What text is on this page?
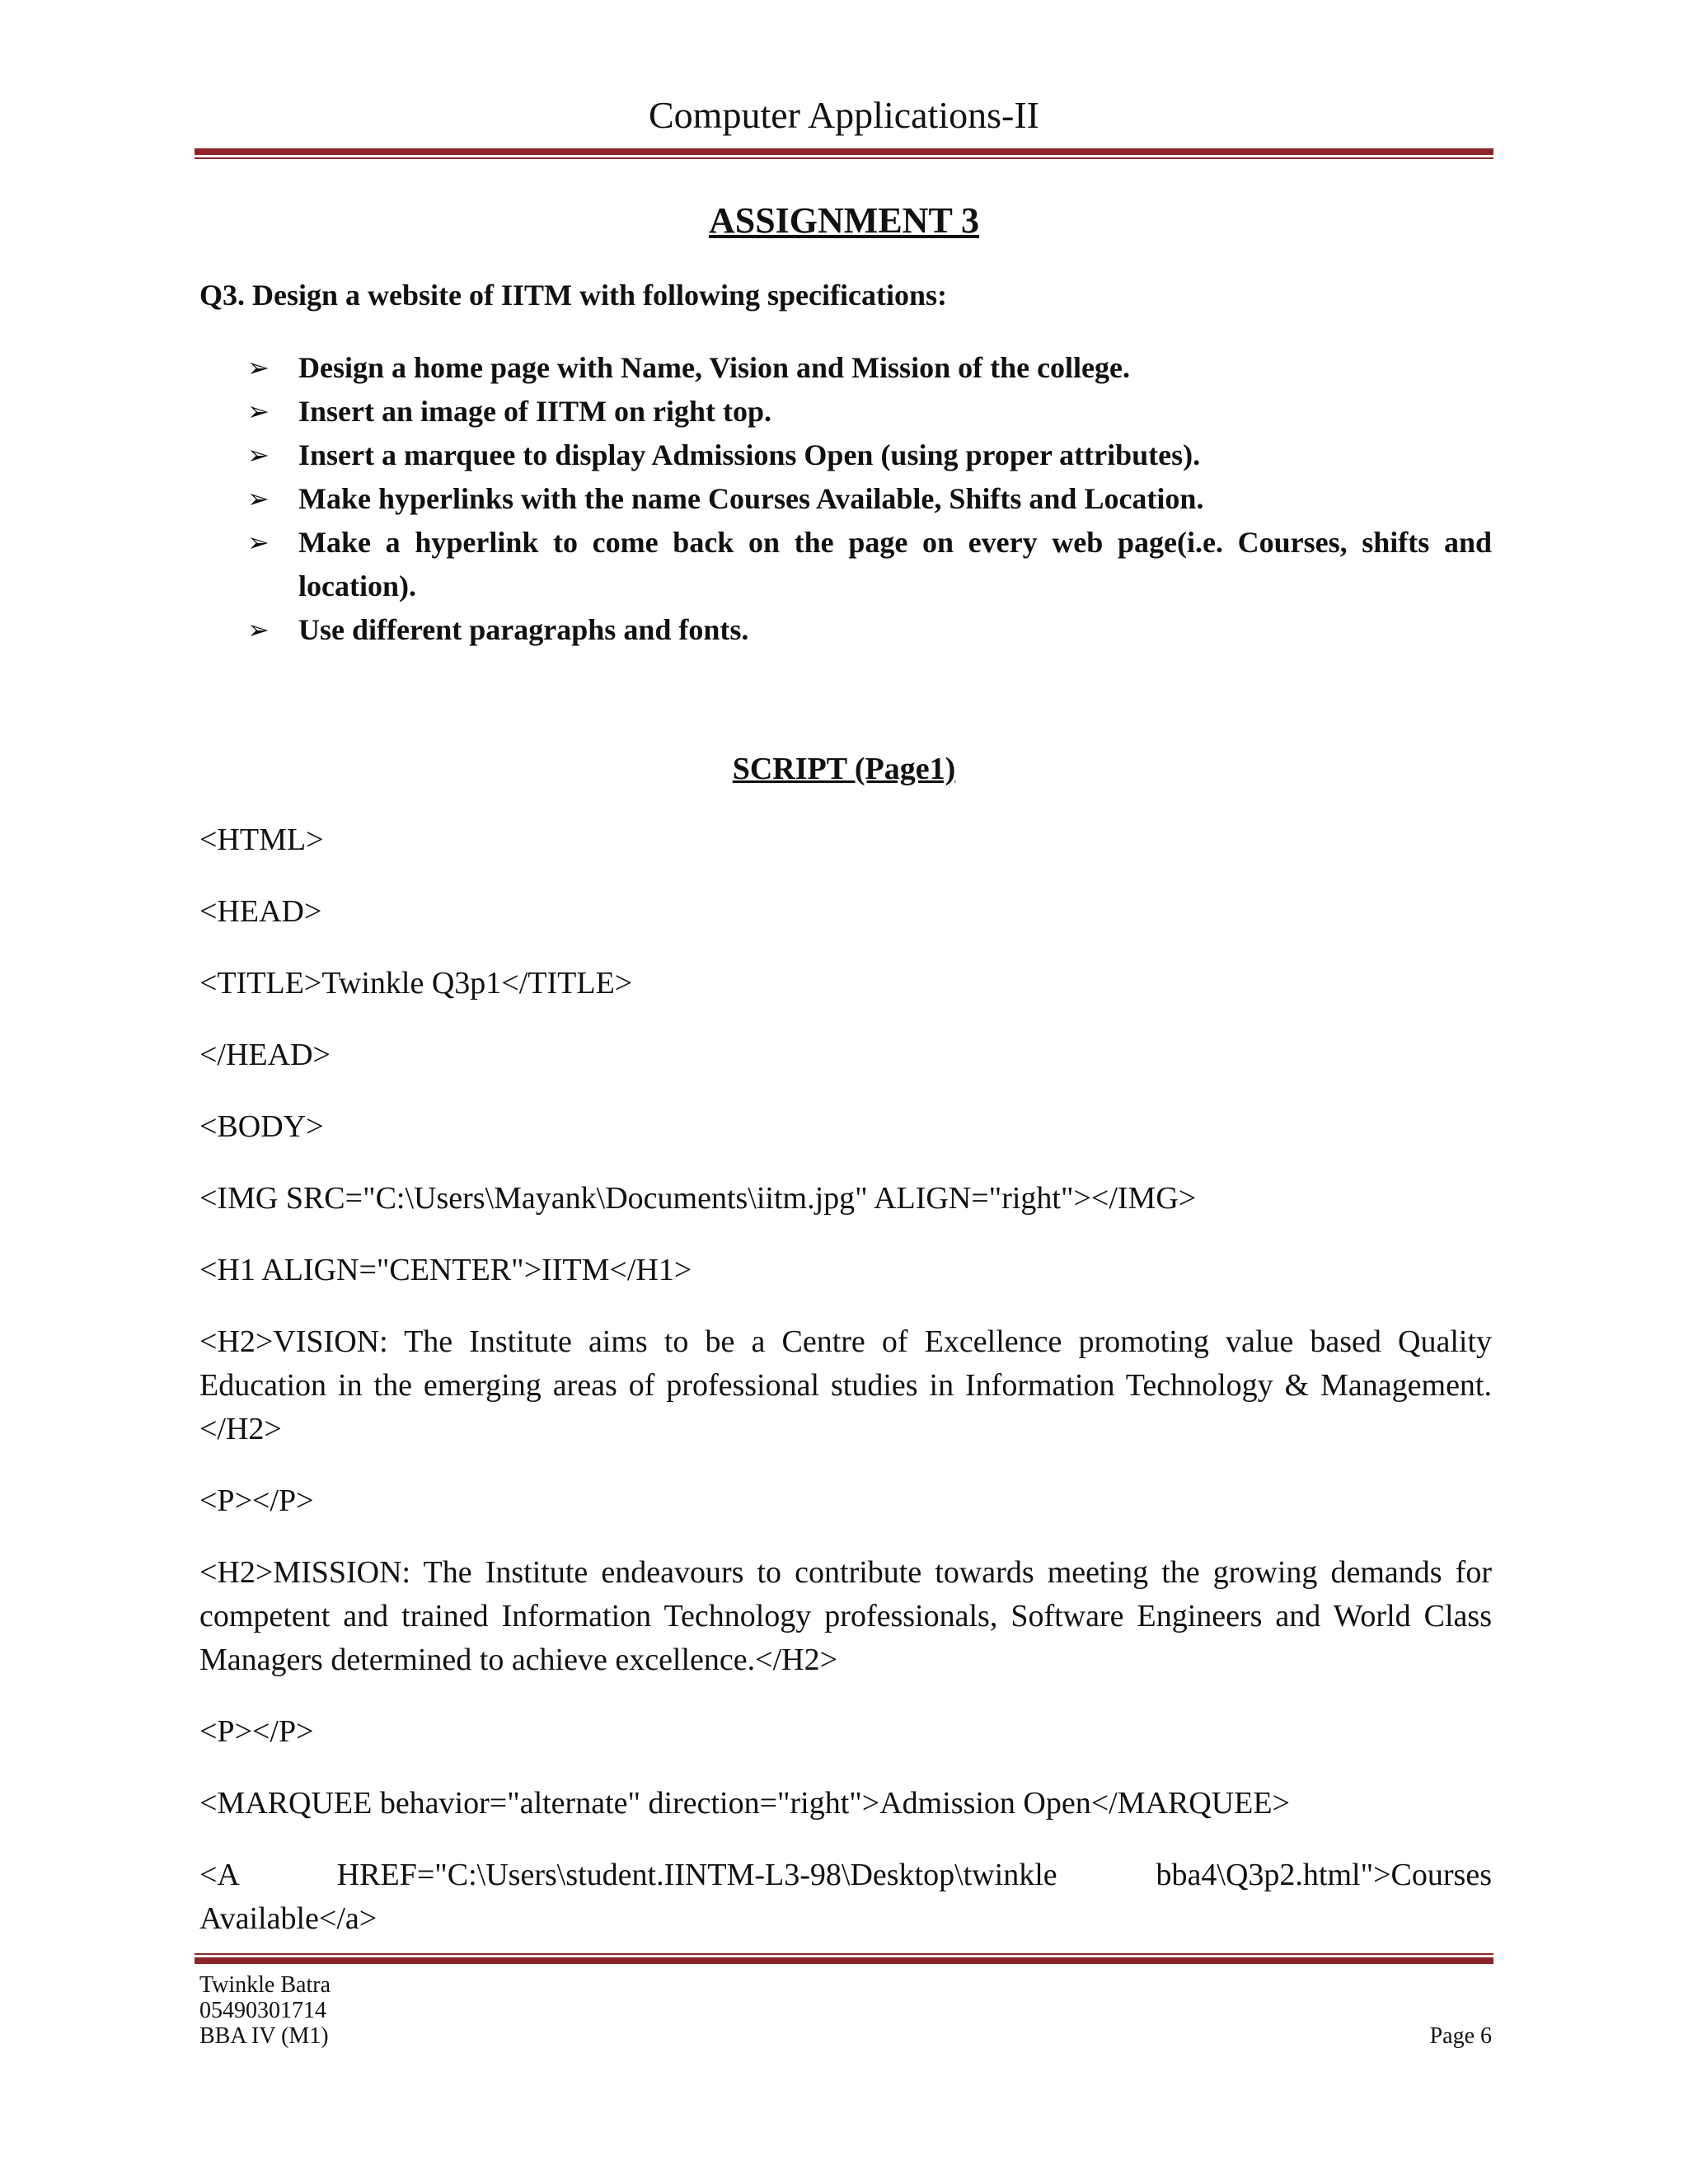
Computer Applications-II
ASSIGNMENT 3
Q3. Design a website of IITM with following specifications:
➢ Design a home page with Name, Vision and Mission of the college.
➢ Insert an image of IITM on right top.
➢ Insert a marquee to display Admissions Open (using proper attributes).
➢ Make hyperlinks with the name Courses Available, Shifts and Location.
➢ Make a hyperlink to come back on the page on every web page(i.e. Courses, shifts and location).
➢ Use different paragraphs and fonts.
SCRIPT (Page1)

<HTML>

<HEAD>

<TITLE>Twinkle Q3p1</TITLE>

</HEAD>

<BODY>

<IMG SRC="C:\Users\Mayank\Documents\iitm.jpg" ALIGN="right"></IMG>

<H1 ALIGN="CENTER">IITM</H1>

<H2>VISION: The Institute aims to be a Centre of Excellence promoting value based Quality Education in the emerging areas of professional studies in Information Technology & Management.</H2>

<P></P>

<H2>MISSION: The Institute endeavours to contribute towards meeting the growing demands for competent and trained Information Technology professionals, Software Engineers and World Class Managers determined to achieve excellence.</H2>

<P></P>

<MARQUEE behavior="alternate" direction="right">Admission Open</MARQUEE>

<A HREF="C:\Users\student.IINTM-L3-98\Desktop\twinkle bba4\Q3p2.html">Courses Available</a>

Twinkle Batra
05490301714
BBA IV (M1)	Page 6
